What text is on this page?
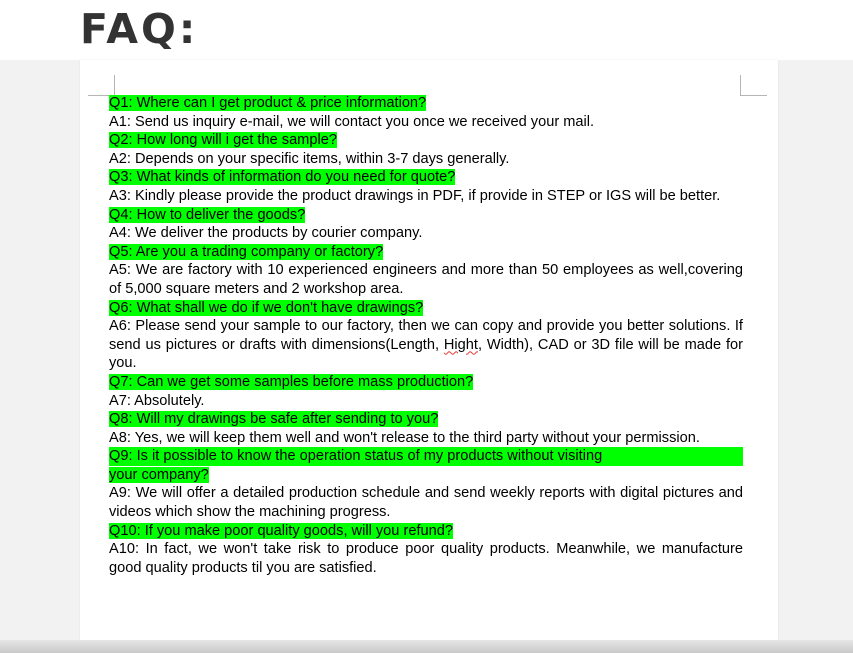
FAQ:

Q1: Where can I get product & price information?

A1: Send us inquiry e-mail, we will contact you once we received your mail.

Q2: How long will i get the sample?

A2: Depends on your specific items, within 3-7 days generally.

Q3: What kinds of information do you need for quote?

A3: Kindly please provide the product drawings in PDF, if provide in STEP or IGS will be better.

Q4: How to deliver the goods?

A4: We deliver the products by courier company.

Q5: Are you a trading company or factory?

A5: We are factory with 10 experienced engineers and more than 50 employees as well,covering of 5,000 square meters and 2 workshop area.

Q6: What shall we do if we don't have drawings?

A6: Please send your sample to our factory, then we can copy and provide you better solutions. If send us pictures or drafts with dimensions(Length, Hight, Width), CAD or 3D file will be made for you.

Q7: Can we get some samples before mass production?

A7: Absolutely.

Q8: Will my drawings be safe after sending to you?

A8: Yes, we will keep them well and won't release to the third party without your permission.

Q9: Is it possible to know the operation status of my products without visiting

your company?

A9: We will offer a detailed production schedule and send weekly reports with digital pictures and videos which show the machining progress.

Q10: If you make poor quality goods, will you refund?

A10: In fact, we won't take risk to produce poor quality products. Meanwhile, we manufacture good quality products til you are satisfied.
